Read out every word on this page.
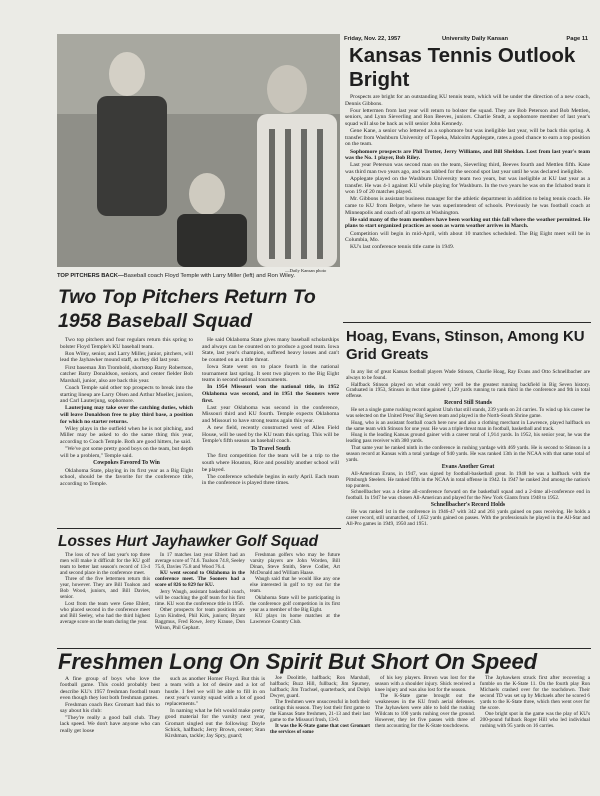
Friday, Nov. 22, 1957	University Daily Kansan	Page 11
—Daily Kansan photo
TOP PITCHERS BACK—Baseball coach Floyd Temple with Larry Miller (left) and Ron Wiley.
Kansas Tennis Outlook Bright

Prospects are bright for an outstanding KU tennis team, which will be under the direction of a new coach, Dennis Gibbons.

Four lettermen from last year will return to bolster the squad. They are Bob Peterson and Bob Mettlen, seniors, and Lynn Sieverling and Ron Beeves, juniors. Charlie Studt, a sophomore member of last year's squad will also be back as will senior John Kennedy.

Gene Kane, a senior who lettered as a sophomore but was ineligible last year, will be back this spring. A transfer from Washburn University of Topeka, Malcolm Applegate, rates a good chance to earn a top position on the team.

Sophomore prospects are Phil Trotter, Jerry Williams, and Bill Sheldon. Lost from last year's team was the No. 1 player, Bob Riley.

Last year Peterson was second man on the team, Sieverling third, Beeves fourth and Mettlen fifth. Kane was third man two years ago, and was tabbed for the second spot last year until he was declared ineligible.

Applegate played on the Washburn University team two years, but was ineligible at KU last year as a transfer. He was 4-1 against KU while playing for Washburn. In the two years he was on the Ichabod team it won 19 of 20 matches played.

Mr. Gibbons is assistant business manager for the athletic department in addition to being tennis coach. He came to KU from Belpre, where he was superintendent of schools. Previously he was football coach at Minneapolis and coach of all sports at Washington.

He said many of the team members have been working out this fall where the weather permitted. He plans to start organized practices as soon as warm weather arrives in March.

Competition will begin in mid-April, with about 10 matches scheduled. The Big Eight meet will be in Columbia, Mo.

KU's last conference tennis title came in 1949.

Two Top Pitchers Return To 1958 Baseball Squad

Two top pitchers and four regulars return this spring to bolster Floyd Temple's KU baseball team.

Ron Wiley, senior, and Larry Miller, junior, pitchers, will lead the Jayhawker mound staff, as they did last year.

First baseman Jim Trombold, shortstop Barry Robertson, catcher Barry Donaldson, seniors, and center fielder Bob Marshall, junior, also are back this year.

Coach Temple said other top prospects to break into the starting lineup are Larry Olsen and Arthur Mueller, juniors, and Carl Lauterjung, sophomore.

Lauterjung may take over the catching duties, which will leave Donaldson free to play third base, a position for which no starter returns.

Wiley plays in the outfield when he is not pitching, and Miller may be asked to do the same thing this year, according to Coach Temple. Both are good hitters, he said.

"We've got some pretty good boys on the team, but depth will be a problem," Temple said.

Cowpokes Favored To Win

Oklahoma State, playing in its first year as a Big Eight school, should be the favorite for the conference title, according to Temple.

He said Oklahoma State gives many baseball scholarships and always can be counted on to produce a good team. Iowa State, last year's champion, suffered heavy losses and can't be counted on as a title threat.

Iowa State went on to place fourth in the national tournament last spring. It sent two players to the Big Eight teams in second national tournaments.

In 1954 Missouri won the national title, in 1952 Oklahoma was second, and in 1951 the Sooners were first.

Last year Oklahoma was second in the conference, Missouri third and KU fourth. Temple expects Oklahoma and Missouri to have strong teams again this year.

A new field, recently constructed west of Allen Field House, will be used by the KU team this spring. This will be Temple's fifth season as baseball coach.

To Travel South

The first competition for the team will be a trip to the south where Houston, Rice and possibly another school will be played.

The conference schedule begins in early April. Each team in the conference is played three times.

Hoag, Evans, Stinson, Among KU Grid Greats

In any list of great Kansas football players Wade Stinson, Charlie Hoag, Ray Evans and Otto Schnellbacher are always to be found.

Halfback Stinson played on what could very well be the greatest running backfield in Big Seven history. Graduated in 1953, Stinson in that time gained 1,129 yards running to rank third in the conference and 9th in total offense.

Record Still Stands

He set a single game rushing record against Utah that still stands, 239 yards on 24 carries. To wind up his career he was selected on the United Press' Big Seven team and played in the North-South Shrine game.

Hoag, who is an assistant football coach here now and also a clothing merchant in Lawrence, played halfback on the same team with Stinson for one year. He was a triple threat man in football, basketball and track.

Hoag is the leading Kansas ground gainer with a career total of 1,914 yards. In 1952, his senior year, he was the leading pass receiver with 380 yards.

That same year he ranked ninth in the conference in rushing yardage with 469 yards. He is second to Stinson in a season record at Kansas with a total yardage of 940 yards. He was ranked 13th in the NCAA with that same total of yards.

Evans Another Great

All-American Evans, in 1947, was signed by football-basketball great. In 1948 he was a halfback with the Pittsburgh Steelers. He ranked fifth in the NCAA in total offense in 1942. In 1947 he ranked 2nd among the nation's top punters.

Schnellbacher was a 4-time all-conference forward on the basketball squad and a 2-time all-conference end in football. In 1947 he was chosen All-American and played for the New York Giants from 1948 to 1952.

Schnellbacher's Record Holds

He was ranked 1st in the conference in 1946-47 with 342 and 261 yards gained on pass receiving. He holds a career record, still unmatched, of 1,652 yards gained on passes. With the professionals he played in the All-Star and All-Pro games in 1949, 1950 and 1951.

Losses Hurt Jayhawker Golf Squad

The loss of two of last year's top three men will make it difficult for the KU golf team to better last season's record of 13-4 and second place in the conference meet.

Three of the five lettermen return this year, however. They are Bill Toalson and Bob Wood, juniors, and Bill Davies, senior.

Lost from the team were Gene Ehlert, who placed second in the conference meet and Bill Seeley, who had the third highest average score on the team during the year.

In 17 matches last year Ehlert had an average score of 74.6. Toalson 74.8, Seeley 75.6, Davies 75.8 and Wood 76.4.

KU went second to Oklahoma in the conference meet. The Sooners had a score of 826 to 829 for KU.

Jerry Waugh, assistant basketball coach, will be coaching the golf team for his first time. KU won the conference title in 1956.

Other prospects for team positions are Lynn Kindred, Phil Kirk, juniors; Bryant Baggmus, Fred Rowe, Jerry Krause, Don Wilson, Phil Gephart.

Freshman golfers who may be future varsity players are John Worden, Bill Dinan, Steve Smith, Steve Codlet, Art McDonald and William Haase.

Waugh said that he would like any one else interested in golf to try out for the team.

Oklahoma State will be participating in the conference golf competition in its first year as a member of the Big Eight.

KU plays its home matches at the Lawrence Country Club.

Freshmen Long On Spirit But Short On Speed

A fine group of boys who love the football game. This could probably best describe KU's 1957 freshman football team even though they lost both freshman games.

Freshman coach Rex Gromart had this to say about his club:

"They're really a good ball club. They lack speed. We don't have anyone who can really get loose

such as another Homer Floyd. But this is a team with a lot of desire and a lot of hustle. I feel we will be able to fill in on next year's varsity squad with a lot of good replacements."

In naming what he felt would make pretty good material for the varsity next year, Gromart singled out the following: Doyle Schick, halfback; Jerry Brown, center; Stan Kirshman, tackle; Jay Spry, guard;

Joe Doolittle, halfback; Ron Marshall, halfback; Buzz Hill, fullback; Jim Spurney, halfback; Jim Trachsel, quarterback, and Dolph Dwyer, guard.

The freshmen were unsuccessful in both their outings this season. They lost their first game to the Kansas State freshmen, 21-13 and their last game to the Missouri frosh, 13-0.

It was the K-State game that cost Gromart the services of some

of his key players. Brown was lost for the season with a shoulder injury. Shick received a knee injury and was also lost for the season.

The K-State game brought out the weaknesses in the KU frosh aerial defenses. The Jayhawkers were able to hold the rushing Wildcats to 100 yards rushing over the ground. However, they let five passes with three of them accounting for the K-State touchdowns.

The Jayhawkers struck first after recovering a fumble on the K-State 11. On the fourth play Ron Michaels crashed over for the touchdown. Their second TD was set up by Michaels after he scored 6 yards to the K-State three, which then went over for the score.

One bright spot in the game was the play of KU's 200-pound fullback Roger Hill who led individual rushing with 95 yards on 16 carries.
